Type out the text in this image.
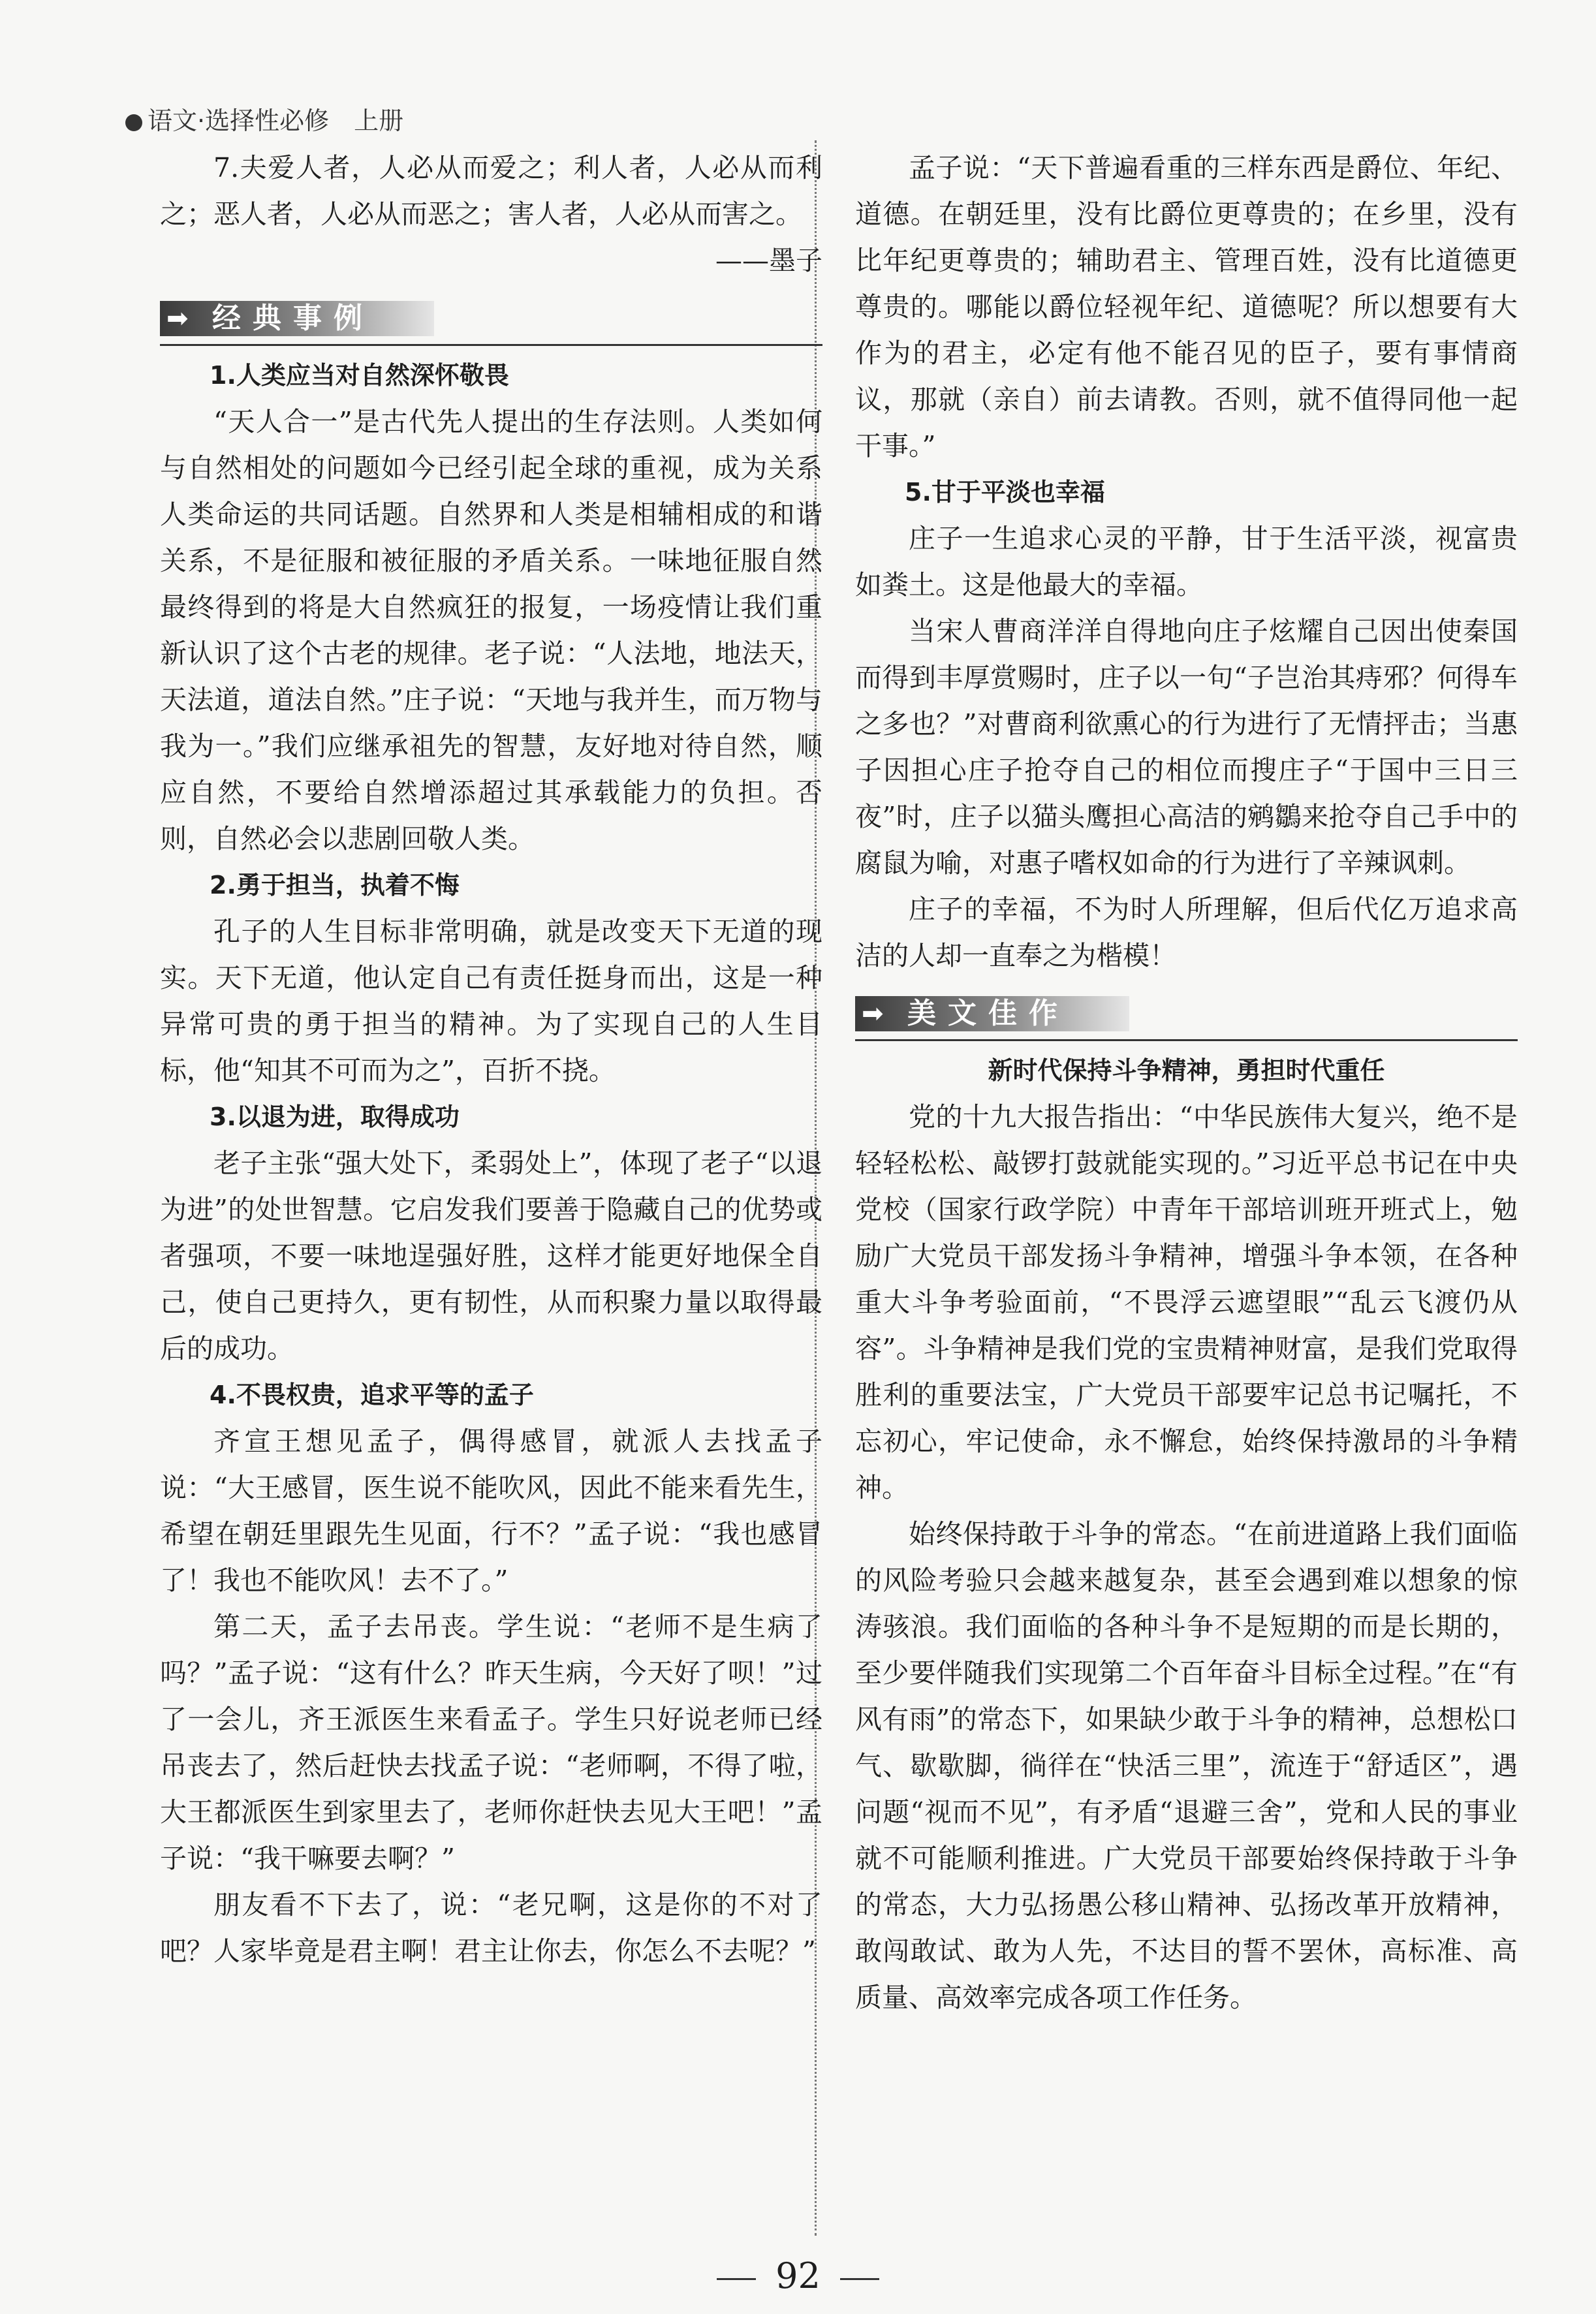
语文·选择性必修　上册

7.夫爱人者，人必从而爱之；利人者，人必从而利之；恶人者，人必从而恶之；害人者，人必从而害之。

——墨子

➡ 经典事例

1.人类应当对自然深怀敬畏

“天人合一”是古代先人提出的生存法则。人类如何与自然相处的问题如今已经引起全球的重视，成为关系人类命运的共同话题。自然界和人类是相辅相成的和谐关系，不是征服和被征服的矛盾关系。一味地征服自然最终得到的将是大自然疯狂的报复，一场疫情让我们重新认识了这个古老的规律。老子说：“人法地，地法天，天法道，道法自然。”庄子说：“天地与我并生，而万物与我为一。”我们应继承祖先的智慧，友好地对待自然，顺应自然，不要给自然增添超过其承载能力的负担。否则，自然必会以悲剧回敬人类。

2.勇于担当，执着不悔

孔子的人生目标非常明确，就是改变天下无道的现实。天下无道，他认定自己有责任挺身而出，这是一种异常可贵的勇于担当的精神。为了实现自己的人生目标，他“知其不可而为之”，百折不挠。

3.以退为进，取得成功

老子主张“强大处下，柔弱处上”，体现了老子“以退为进”的处世智慧。它启发我们要善于隐藏自己的优势或者强项，不要一味地逞强好胜，这样才能更好地保全自己，使自己更持久，更有韧性，从而积聚力量以取得最后的成功。

4.不畏权贵，追求平等的孟子

齐宣王想见孟子，偶得感冒，就派人去找孟子说：“大王感冒，医生说不能吹风，因此不能来看先生，希望在朝廷里跟先生见面，行不？”孟子说：“我也感冒了！我也不能吹风！去不了。”

第二天，孟子去吊丧。学生说：“老师不是生病了吗？”孟子说：“这有什么？昨天生病，今天好了呗！”过了一会儿，齐王派医生来看孟子。学生只好说老师已经吊丧去了，然后赶快去找孟子说：“老师啊，不得了啦，大王都派医生到家里去了，老师你赶快去见大王吧！”孟子说：“我干嘛要去啊？”

朋友看不下去了，说：“老兄啊，这是你的不对了吧？人家毕竟是君主啊！君主让你去，你怎么不去呢？”

孟子说：“天下普遍看重的三样东西是爵位、年纪、道德。在朝廷里，没有比爵位更尊贵的；在乡里，没有比年纪更尊贵的；辅助君主、管理百姓，没有比道德更尊贵的。哪能以爵位轻视年纪、道德呢？所以想要有大作为的君主，必定有他不能召见的臣子，要有事情商议，那就（亲自）前去请教。否则，就不值得同他一起干事。”

5.甘于平淡也幸福

庄子一生追求心灵的平静，甘于生活平淡，视富贵如粪土。这是他最大的幸福。

当宋人曹商洋洋自得地向庄子炫耀自己因出使秦国而得到丰厚赏赐时，庄子以一句“子岂治其痔邪？何得车之多也？”对曹商利欲熏心的行为进行了无情抨击；当惠子因担心庄子抢夺自己的相位而搜庄子“于国中三日三夜”时，庄子以猫头鹰担心高洁的鹓鶵来抢夺自己手中的腐鼠为喻，对惠子嗜权如命的行为进行了辛辣讽刺。

庄子的幸福，不为时人所理解，但后代亿万追求高洁的人却一直奉之为楷模！

➡ 美文佳作

新时代保持斗争精神，勇担时代重任

党的十九大报告指出：“中华民族伟大复兴，绝不是轻轻松松、敲锣打鼓就能实现的。”习近平总书记在中央党校（国家行政学院）中青年干部培训班开班式上，勉励广大党员干部发扬斗争精神，增强斗争本领，在各种重大斗争考验面前，“不畏浮云遮望眼”“乱云飞渡仍从容”。斗争精神是我们党的宝贵精神财富，是我们党取得胜利的重要法宝，广大党员干部要牢记总书记嘱托，不忘初心，牢记使命，永不懈怠，始终保持激昂的斗争精神。

始终保持敢于斗争的常态。“在前进道路上我们面临的风险考验只会越来越复杂，甚至会遇到难以想象的惊涛骇浪。我们面临的各种斗争不是短期的而是长期的，至少要伴随我们实现第二个百年奋斗目标全过程。”在“有风有雨”的常态下，如果缺少敢于斗争的精神，总想松口气、歇歇脚，徜徉在“快活三里”，流连于“舒适区”，遇问题“视而不见”，有矛盾“退避三舍”，党和人民的事业就不可能顺利推进。广大党员干部要始终保持敢于斗争的常态，大力弘扬愚公移山精神、弘扬改革开放精神，敢闯敢试、敢为人先，不达目的誓不罢休，高标准、高质量、高效率完成各项工作任务。

92
